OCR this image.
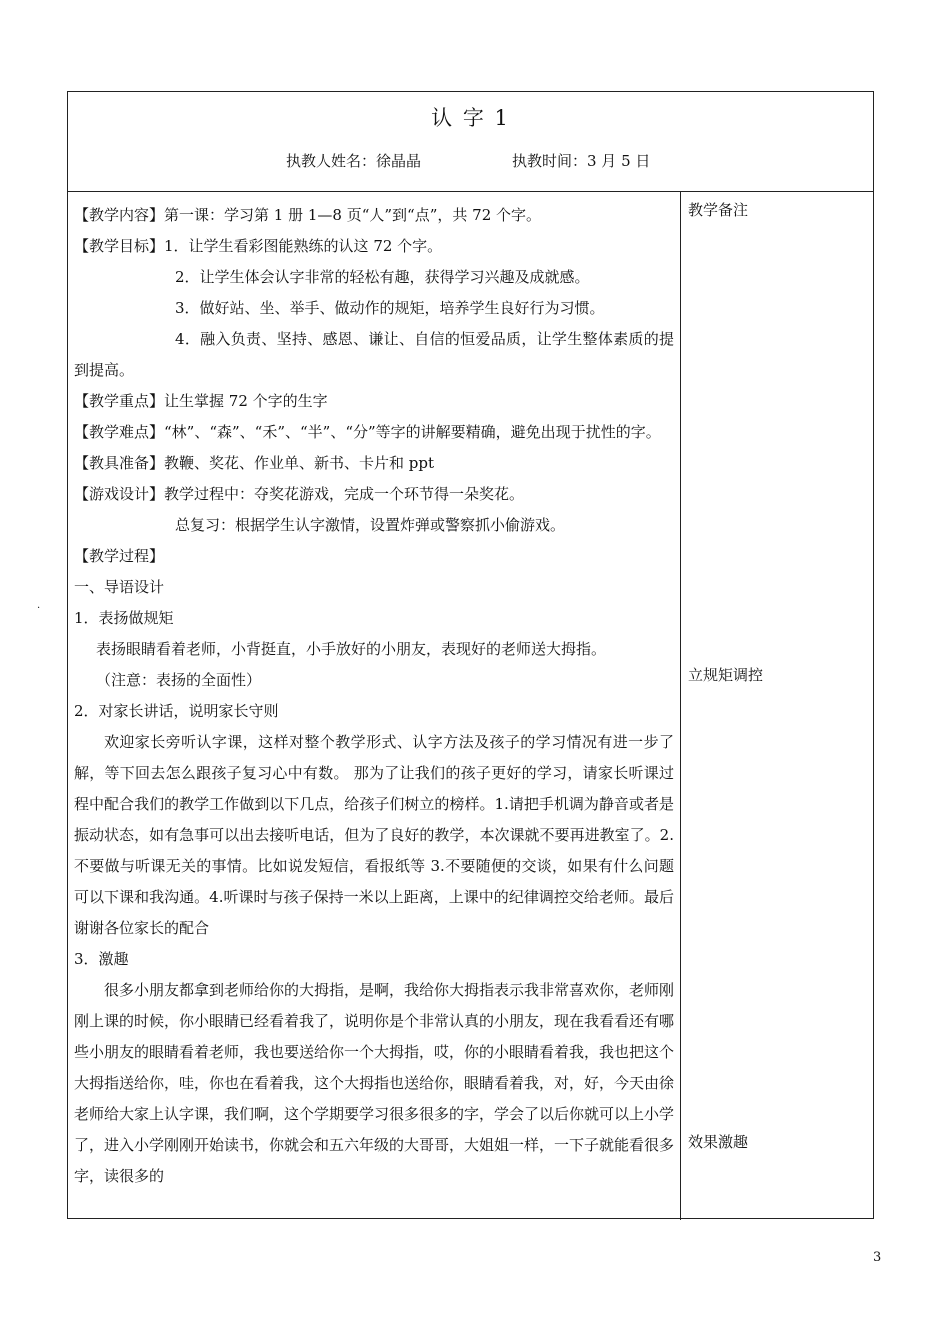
认 字 1
执教人姓名：徐晶晶	执教时间：3 月 5 日

【教学内容】第一课：学习第 1 册 1—8 页“人”到“点”，共 72 个字。

【教学目标】1．让学生看彩图能熟练的认这 72 个字。

2．让学生体会认字非常的轻松有趣，获得学习兴趣及成就感。

3．做好站、坐、举手、做动作的规矩，培养学生良好行为习惯。

4．融入负责、坚持、感恩、谦让、自信的恒爱品质，让学生整体素质的提到提高。

【教学重点】让生掌握 72 个字的生字

【教学难点】“林”、“森”、“禾”、“半”、“分”等字的讲解要精确，避免出现于扰性的字。

【教具准备】教鞭、奖花、作业单、新书、卡片和 ppt

【游戏设计】教学过程中：夺奖花游戏，完成一个环节得一朵奖花。

总复习：根据学生认字激情，设置炸弹或警察抓小偷游戏。

【教学过程】

一、导语设计

1．表扬做规矩

表扬眼睛看着老师，小背挺直，小手放好的小朋友，表现好的老师送大拇指。

（注意：表扬的全面性）

2．对家长讲话，说明家长守则

欢迎家长旁听认字课，这样对整个教学形式、认字方法及孩子的学习情况有进一步了解，等下回去怎么跟孩子复习心中有数。 那为了让我们的孩子更好的学习，请家长听课过程中配合我们的教学工作做到以下几点，给孩子们树立的榜样。1.请把手机调为静音或者是振动状态，如有急事可以出去接听电话，但为了良好的教学，本次课就不要再进教室了。2.不要做与听课无关的事情。比如说发短信，看报纸等 3.不要随便的交谈，如果有什么问题可以下课和我沟通。4.听课时与孩子保持一米以上距离，上课中的纪律调控交给老师。最后谢谢各位家长的配合

3．激趣

很多小朋友都拿到老师给你的大拇指，是啊，我给你大拇指表示我非常喜欢你，老师刚刚上课的时候，你小眼睛已经看着我了，说明你是个非常认真的小朋友，现在我看看还有哪些小朋友的眼睛看着老师，我也要送给你一个大拇指，哎，你的小眼睛看着我，我也把这个大拇指送给你，哇，你也在看着我，这个大拇指也送给你，眼睛看着我，对，好，今天由徐老师给大家上认字课，我们啊，这个学期要学习很多很多的字，学会了以后你就可以上小学了，进入小学刚刚开始读书，你就会和五六年级的大哥哥，大姐姐一样，一下子就能看很多字，读很多的

教学备注
立规矩调控
效果激趣
.
3
